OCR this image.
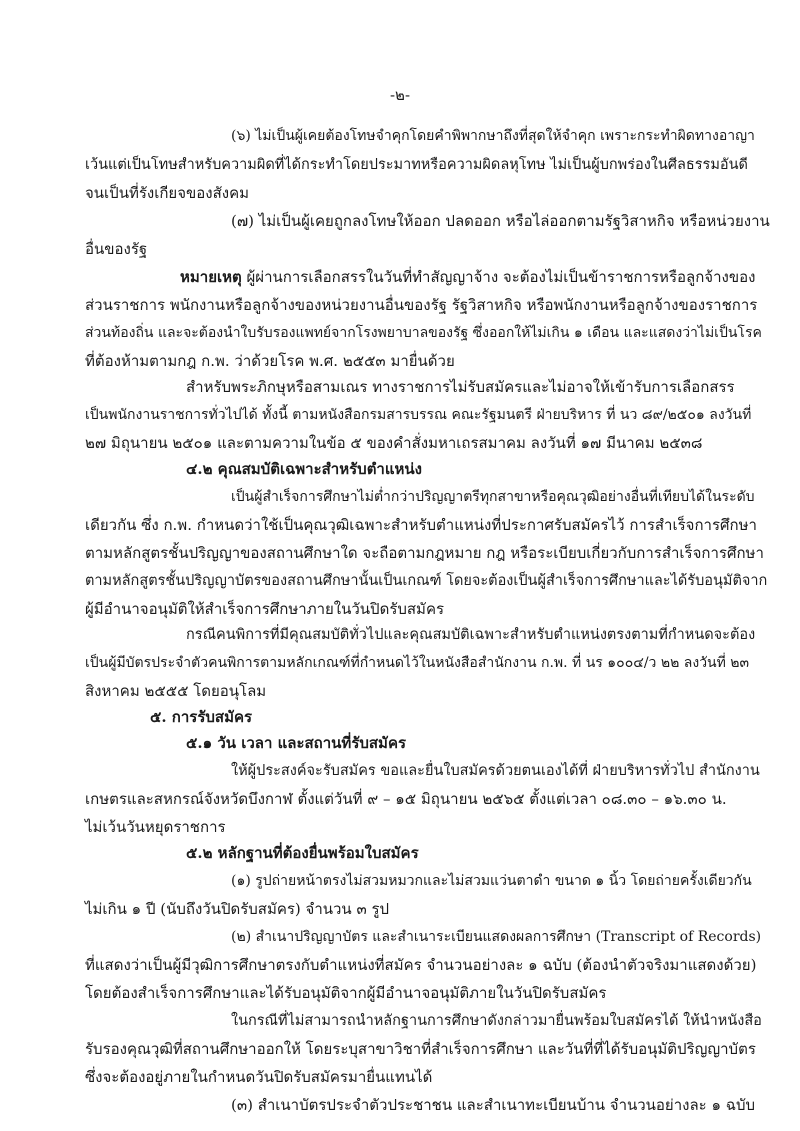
-๒-
(๖) ไม่เป็นผู้เคยต้องโทษจำคุกโดยคำพิพากษาถึงที่สุดให้จำคุก เพราะกระทำผิดทางอาญา
เว้นแต่เป็นโทษสำหรับความผิดที่ได้กระทำโดยประมาทหรือความผิดลหุโทษ ไม่เป็นผู้บกพร่องในศีลธรรมอันดี
จนเป็นที่รังเกียจของสังคม
(๗) ไม่เป็นผู้เคยถูกลงโทษให้ออก ปลดออก หรือไล่ออกตามรัฐวิสาหกิจ หรือหน่วยงาน
อื่นของรัฐ
หมายเหตุ ผู้ผ่านการเลือกสรรในวันที่ทำสัญญาจ้าง จะต้องไม่เป็นข้าราชการหรือลูกจ้างของ
ส่วนราชการ พนักงานหรือลูกจ้างของหน่วยงานอื่นของรัฐ รัฐวิสาหกิจ หรือพนักงานหรือลูกจ้างของราชการ
ส่วนท้องถิ่น และจะต้องนำใบรับรองแพทย์จากโรงพยาบาลของรัฐ ซึ่งออกให้ไม่เกิน ๑ เดือน และแสดงว่าไม่เป็นโรค
ที่ต้องห้ามตามกฎ ก.พ. ว่าด้วยโรค พ.ศ. ๒๕๕๓ มายื่นด้วย
สำหรับพระภิกษุหรือสามเณร ทางราชการไม่รับสมัครและไม่อาจให้เข้ารับการเลือกสรร
เป็นพนักงานราชการทั่วไปได้ ทั้งนี้ ตามหนังสือกรมสารบรรณ คณะรัฐมนตรี ฝ่ายบริหาร ที่ นว ๘๙/๒๕๐๑ ลงวันที่
๒๗ มิถุนายน ๒๕๐๑ และตามความในข้อ ๕ ของคำสั่งมหาเถรสมาคม ลงวันที่ ๑๗ มีนาคม ๒๕๓๘
๔.๒ คุณสมบัติเฉพาะสำหรับตำแหน่ง
เป็นผู้สำเร็จการศึกษาไม่ต่ำกว่าปริญญาตรีทุกสาขาหรือคุณวุฒิอย่างอื่นที่เทียบได้ในระดับ
เดียวกัน ซึ่ง ก.พ. กำหนดว่าใช้เป็นคุณวุฒิเฉพาะสำหรับตำแหน่งที่ประกาศรับสมัครไว้ การสำเร็จการศึกษา
ตามหลักสูตรชั้นปริญญาของสถานศึกษาใด จะถือตามกฎหมาย กฎ หรือระเบียบเกี่ยวกับการสำเร็จการศึกษา
ตามหลักสูตรชั้นปริญญาบัตรของสถานศึกษานั้นเป็นเกณฑ์ โดยจะต้องเป็นผู้สำเร็จการศึกษาและได้รับอนุมัติจาก
ผู้มีอำนาจอนุมัติให้สำเร็จการศึกษาภายในวันปิดรับสมัคร
กรณีคนพิการที่มีคุณสมบัติทั่วไปและคุณสมบัติเฉพาะสำหรับตำแหน่งตรงตามที่กำหนดจะต้อง
เป็นผู้มีบัตรประจำตัวคนพิการตามหลักเกณฑ์ที่กำหนดไว้ในหนังสือสำนักงาน ก.พ. ที่ นร ๑๐๐๔/ว ๒๒ ลงวันที่ ๒๓
สิงหาคม ๒๕๕๕ โดยอนุโลม
๕. การรับสมัคร
๕.๑ วัน เวลา และสถานที่รับสมัคร
ให้ผู้ประสงค์จะรับสมัคร ขอและยื่นใบสมัครด้วยตนเองได้ที่ ฝ่ายบริหารทั่วไป สำนักงาน
เกษตรและสหกรณ์จังหวัดบึงกาฬ ตั้งแต่วันที่ ๙ – ๑๕ มิถุนายน ๒๕๖๕ ตั้งแต่เวลา ๐๘.๓๐ – ๑๖.๓๐ น.
ไม่เว้นวันหยุดราชการ
๕.๒ หลักฐานที่ต้องยื่นพร้อมใบสมัคร
(๑) รูปถ่ายหน้าตรงไม่สวมหมวกและไม่สวมแว่นตาดำ ขนาด ๑ นิ้ว โดยถ่ายครั้งเดียวกัน
ไม่เกิน ๑ ปี (นับถึงวันปิดรับสมัคร) จำนวน ๓ รูป
(๒) สำเนาปริญญาบัตร และสำเนาระเบียนแสดงผลการศึกษา (Transcript of Records)
ที่แสดงว่าเป็นผู้มีวุฒิการศึกษาตรงกับตำแหน่งที่สมัคร จำนวนอย่างละ ๑ ฉบับ (ต้องนำตัวจริงมาแสดงด้วย)
โดยต้องสำเร็จการศึกษาและได้รับอนุมัติจากผู้มีอำนาจอนุมัติภายในวันปิดรับสมัคร
ในกรณีที่ไม่สามารถนำหลักฐานการศึกษาดังกล่าวมายื่นพร้อมใบสมัครได้ ให้นำหนังสือ
รับรองคุณวุฒิที่สถานศึกษาออกให้ โดยระบุสาขาวิชาที่สำเร็จการศึกษา และวันที่ที่ได้รับอนุมัติปริญญาบัตร
ซึ่งจะต้องอยู่ภายในกำหนดวันปิดรับสมัครมายื่นแทนได้
(๓) สำเนาบัตรประจำตัวประชาชน และสำเนาทะเบียนบ้าน จำนวนอย่างละ ๑ ฉบับ
